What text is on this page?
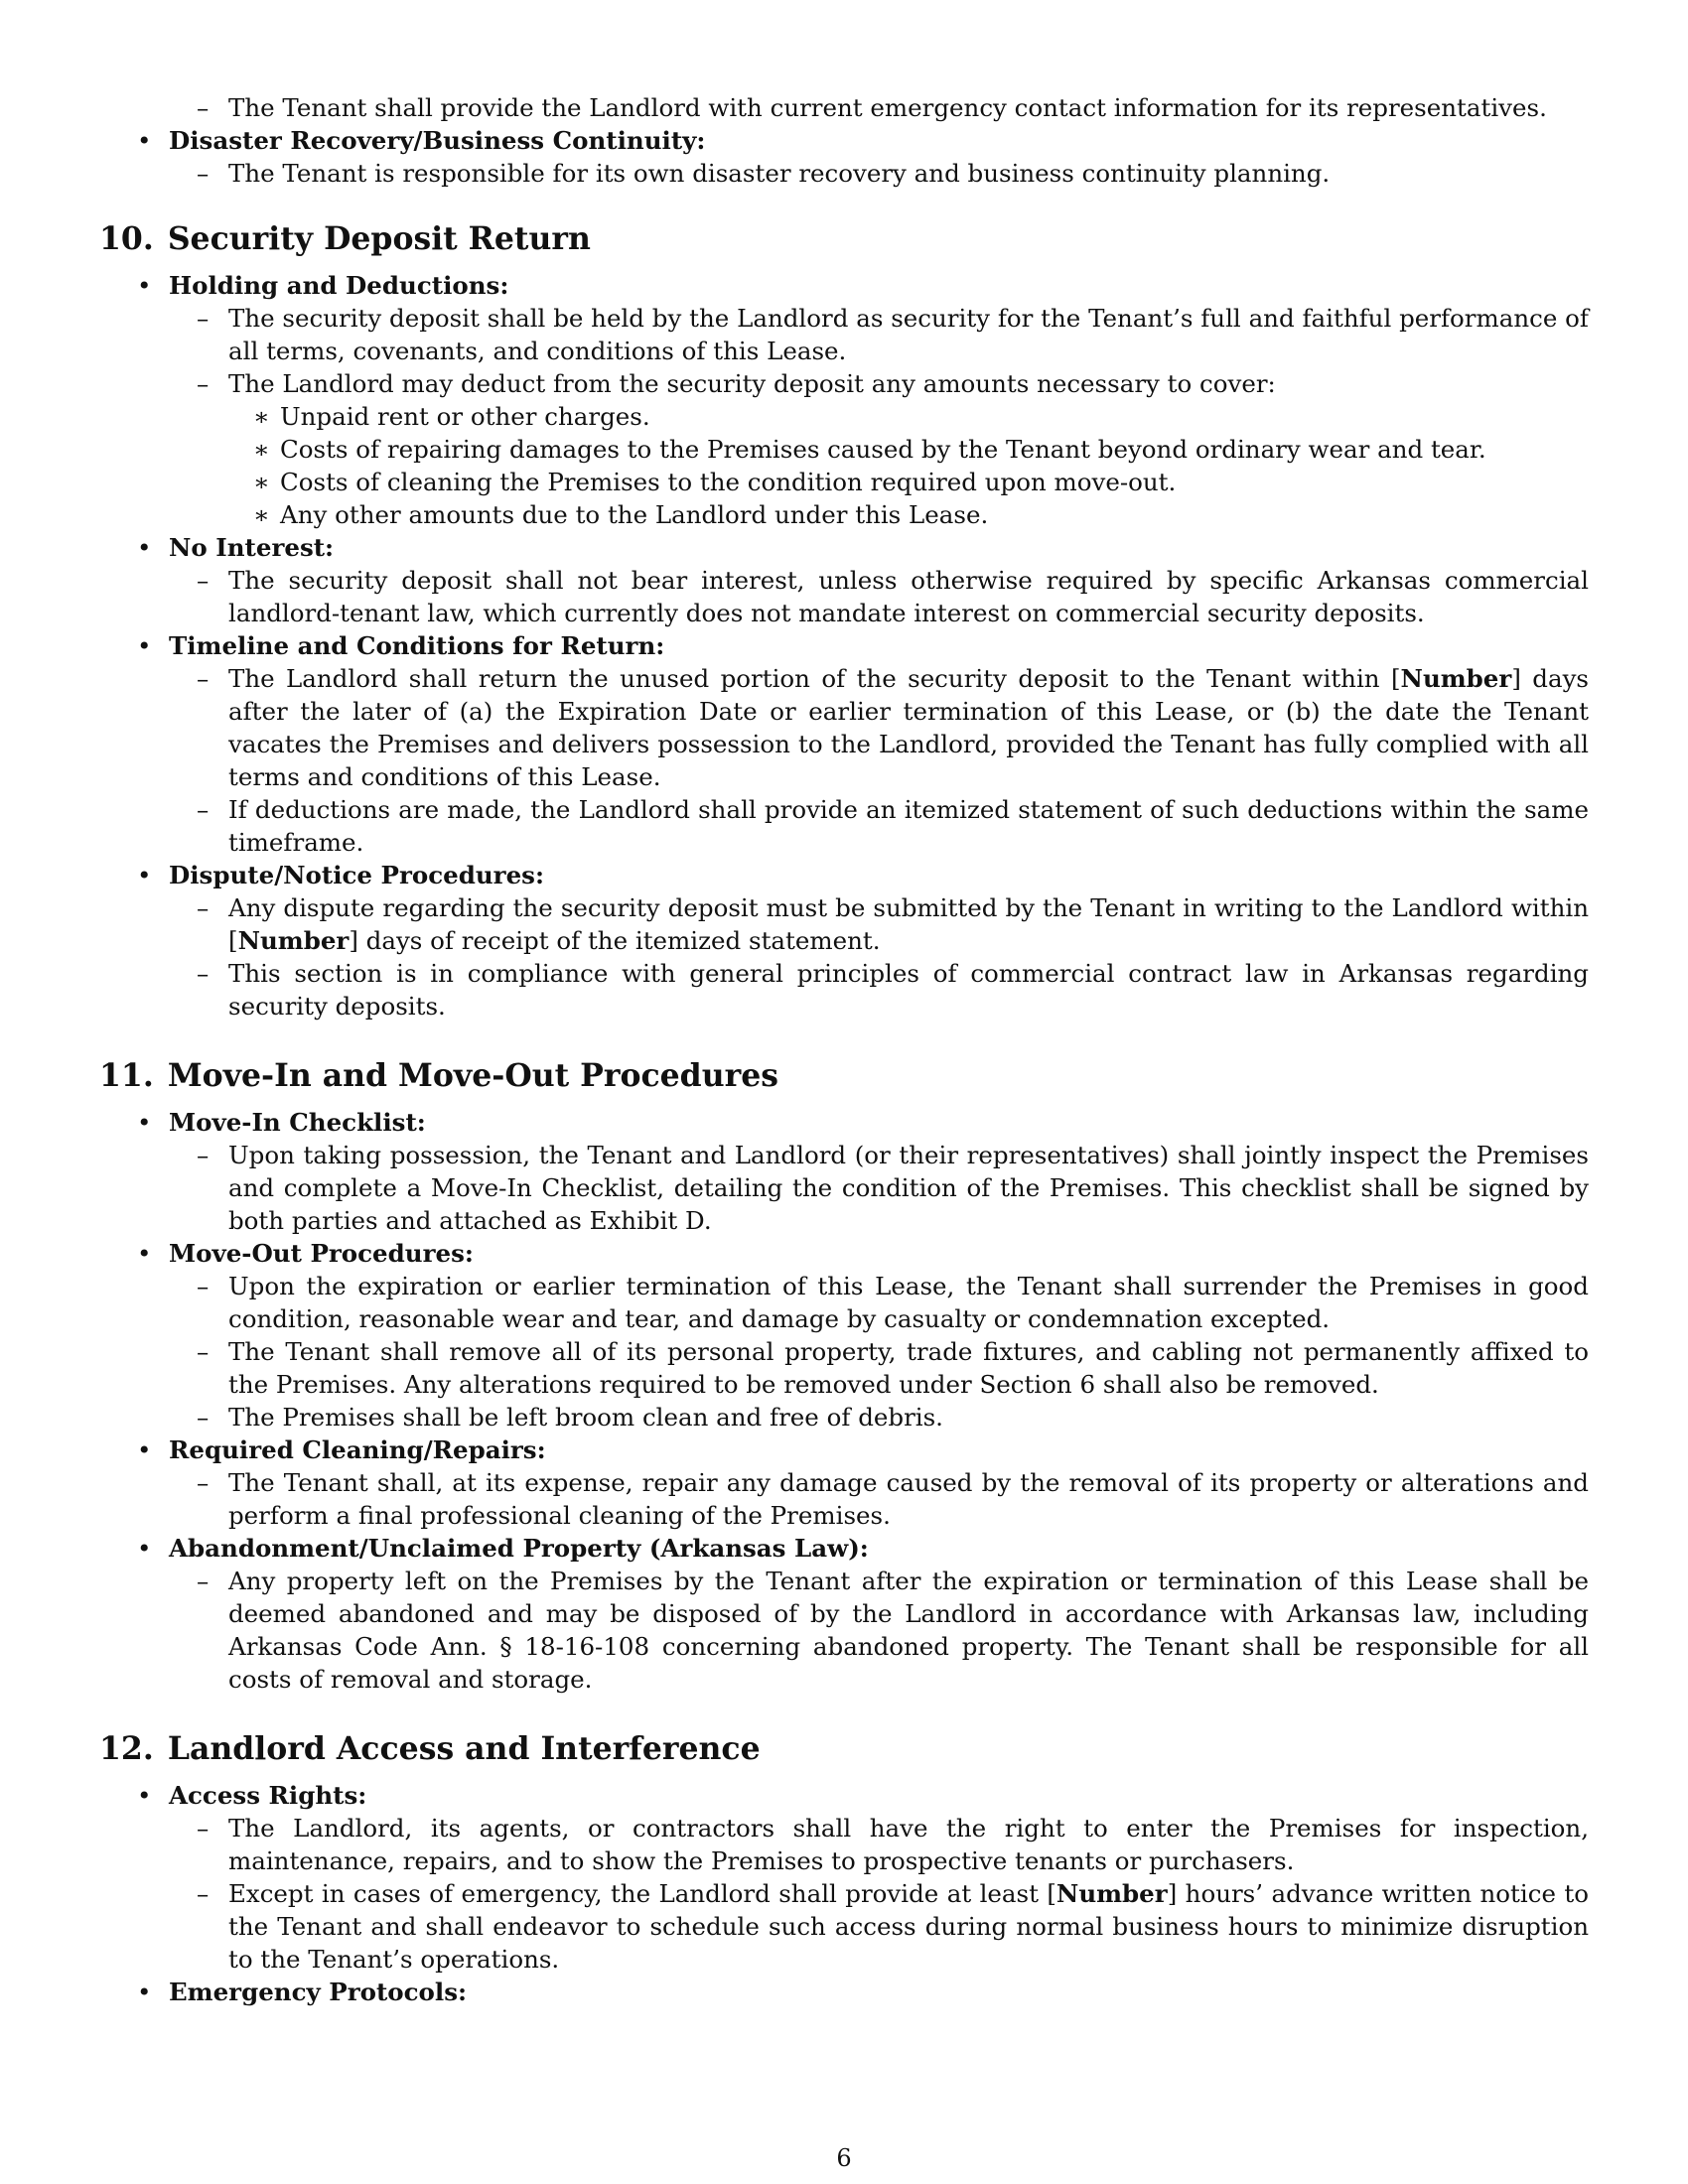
– The Tenant shall provide the Landlord with current emergency contact information for its representatives.
• Disaster Recovery/Business Continuity:
– The Tenant is responsible for its own disaster recovery and business continuity planning.
10. Security Deposit Return
• Holding and Deductions:
– The security deposit shall be held by the Landlord as security for the Tenant’s full and faithful performance of all terms, covenants, and conditions of this Lease.
– The Landlord may deduct from the security deposit any amounts necessary to cover:
∗ Unpaid rent or other charges.
∗ Costs of repairing damages to the Premises caused by the Tenant beyond ordinary wear and tear.
∗ Costs of cleaning the Premises to the condition required upon move-out.
∗ Any other amounts due to the Landlord under this Lease.
• No Interest:
– The security deposit shall not bear interest, unless otherwise required by specific Arkansas commercial landlord-tenant law, which currently does not mandate interest on commercial security deposits.
• Timeline and Conditions for Return:
– The Landlord shall return the unused portion of the security deposit to the Tenant within [Number] days after the later of (a) the Expiration Date or earlier termination of this Lease, or (b) the date the Tenant vacates the Premises and delivers possession to the Landlord, provided the Tenant has fully complied with all terms and conditions of this Lease.
– If deductions are made, the Landlord shall provide an itemized statement of such deductions within the same timeframe.
• Dispute/Notice Procedures:
– Any dispute regarding the security deposit must be submitted by the Tenant in writing to the Landlord within [Number] days of receipt of the itemized statement.
– This section is in compliance with general principles of commercial contract law in Arkansas regarding security deposits.
11. Move-In and Move-Out Procedures
• Move-In Checklist:
– Upon taking possession, the Tenant and Landlord (or their representatives) shall jointly inspect the Premises and complete a Move-In Checklist, detailing the condition of the Premises. This checklist shall be signed by both parties and attached as Exhibit D.
• Move-Out Procedures:
– Upon the expiration or earlier termination of this Lease, the Tenant shall surrender the Premises in good condition, reasonable wear and tear, and damage by casualty or condemnation excepted.
– The Tenant shall remove all of its personal property, trade fixtures, and cabling not permanently affixed to the Premises. Any alterations required to be removed under Section 6 shall also be removed.
– The Premises shall be left broom clean and free of debris.
• Required Cleaning/Repairs:
– The Tenant shall, at its expense, repair any damage caused by the removal of its property or alterations and perform a final professional cleaning of the Premises.
• Abandonment/Unclaimed Property (Arkansas Law):
– Any property left on the Premises by the Tenant after the expiration or termination of this Lease shall be deemed abandoned and may be disposed of by the Landlord in accordance with Arkansas law, including Arkansas Code Ann. § 18-16-108 concerning abandoned property. The Tenant shall be responsible for all costs of removal and storage.
12. Landlord Access and Interference
• Access Rights:
– The Landlord, its agents, or contractors shall have the right to enter the Premises for inspection, maintenance, repairs, and to show the Premises to prospective tenants or purchasers.
– Except in cases of emergency, the Landlord shall provide at least [Number] hours’ advance written notice to the Tenant and shall endeavor to schedule such access during normal business hours to minimize disruption to the Tenant’s operations.
• Emergency Protocols:
6
